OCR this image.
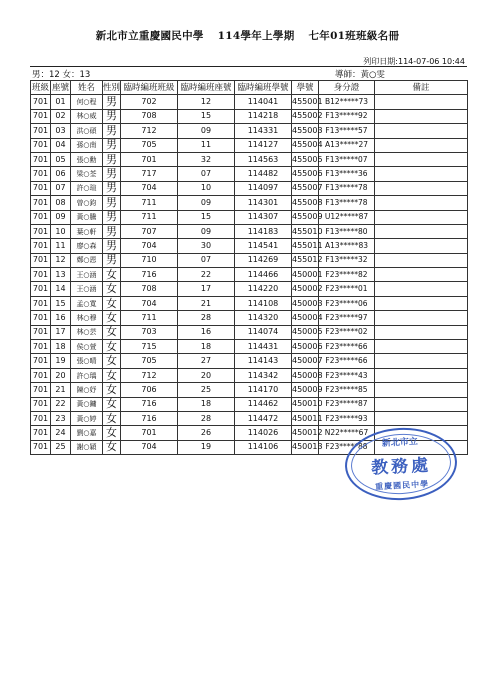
新北市立重慶國民中學 114學年上學期 七年01班班級名冊
列印日期:114-07-06 10:44
男：12 女：13	導師：黃○雯
班級	座號	姓名	性別	臨時編班班級	臨時編班座號	臨時編班學號	學號	身分證	備註
701	01	何○程	男	702	12	114041	455001	B12*****73	
701	02	林○威	男	708	15	114218	455002	F13*****92	
701	03	洪○碩	男	712	09	114331	455003	F13*****57	
701	04	孫○南	男	705	11	114127	455004	A13*****27	
701	05	張○勳	男	701	32	114563	455005	F13*****07	
701	06	梁○荃	男	717	07	114482	455006	F13*****36	
701	07	許○瑄	男	704	10	114097	455007	F13*****78	
701	08	曾○鈞	男	711	09	114301	455008	F13*****78	
701	09	黃○騰	男	711	15	114307	455009	U12*****87	
701	10	葉○軒	男	707	09	114183	455010	F13*****80	
701	11	廖○森	男	704	30	114541	455011	A13*****83	
701	12	鄭○恩	男	710	07	114269	455012	F13*****32	
701	13	王○涵	女	716	22	114466	450001	F23*****82	
701	14	王○涵	女	708	17	114220	450002	F23*****01	
701	15	孟○寬	女	704	21	114108	450003	F23*****06	
701	16	林○穆	女	711	28	114320	450004	F23*****97	
701	17	林○芸	女	703	16	114074	450005	F23*****02	
701	18	侯○萱	女	715	18	114431	450006	F23*****66	
701	19	張○晴	女	705	27	114143	450007	F23*****66	
701	20	許○瑀	女	712	20	114342	450008	F23*****43	
701	21	陳○妤	女	706	25	114170	450009	F23*****85	
701	22	黃○鏞	女	716	18	114462	450010	F23*****87	
701	23	黃○婷	女	716	28	114472	450011	F23*****93	
701	24	劉○嘉	女	701	26	114026	450012	N22*****67	
701	25	謝○穎	女	704	19	114106	450013	F23*****88		新北市立
教務處
重慶國民中學
